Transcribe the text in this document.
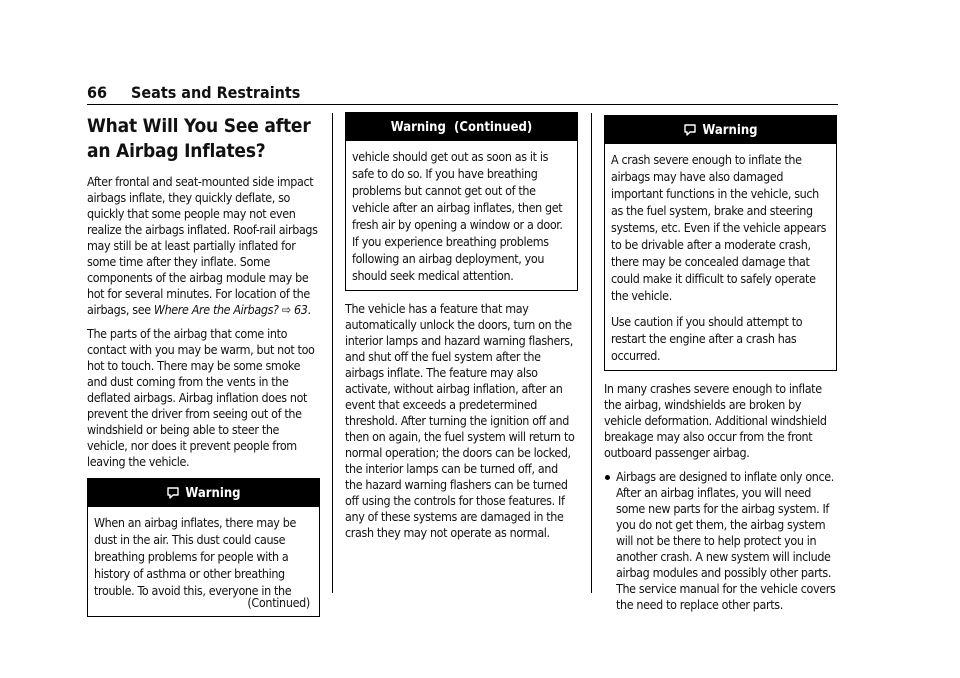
66 Seats and Restraints
What Will You See after an Airbag Inflates?

After frontal and seat-mounted side impact airbags inflate, they quickly deflate, so quickly that some people may not even realize the airbags inflated. Roof-rail airbags may still be at least partially inflated for some time after they inflate. Some components of the airbag module may be hot for several minutes. For location of the airbags, see Where Are the Airbags? ⇨ 63.

The parts of the airbag that come into contact with you may be warm, but not too hot to touch. There may be some smoke and dust coming from the vents in the deflated airbags. Airbag inflation does not prevent the driver from seeing out of the windshield or being able to steer the vehicle, nor does it prevent people from leaving the vehicle.

Warning

When an airbag inflates, there may be dust in the air. This dust could cause breathing problems for people with a history of asthma or other breathing trouble. To avoid this, everyone in the

(Continued)
Warning  (Continued)

vehicle should get out as soon as it is safe to do so. If you have breathing problems but cannot get out of the vehicle after an airbag inflates, then get fresh air by opening a window or a door. If you experience breathing problems following an airbag deployment, you should seek medical attention.

The vehicle has a feature that may automatically unlock the doors, turn on the interior lamps and hazard warning flashers, and shut off the fuel system after the airbags inflate. The feature may also activate, without airbag inflation, after an event that exceeds a predetermined threshold. After turning the ignition off and then on again, the fuel system will return to normal operation; the doors can be locked, the interior lamps can be turned off, and the hazard warning flashers can be turned off using the controls for those features. If any of these systems are damaged in the crash they may not operate as normal.

Warning

A crash severe enough to inflate the airbags may have also damaged important functions in the vehicle, such as the fuel system, brake and steering systems, etc. Even if the vehicle appears to be drivable after a moderate crash, there may be concealed damage that could make it difficult to safely operate the vehicle.

Use caution if you should attempt to restart the engine after a crash has occurred.

In many crashes severe enough to inflate the airbag, windshields are broken by vehicle deformation. Additional windshield breakage may also occur from the front outboard passenger airbag.

Airbags are designed to inflate only once. After an airbag inflates, you will need some new parts for the airbag system. If you do not get them, the airbag system will not be there to help protect you in another crash. A new system will include airbag modules and possibly other parts. The service manual for the vehicle covers the need to replace other parts.
